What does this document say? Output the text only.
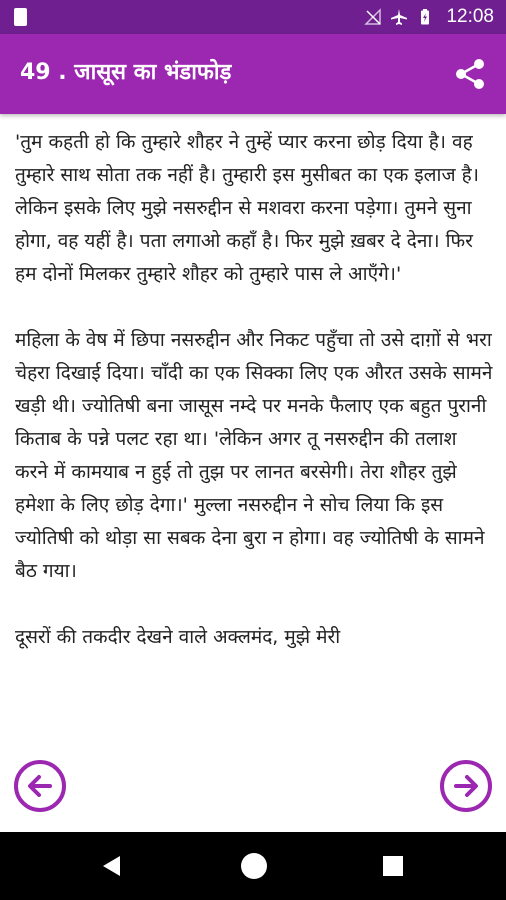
12:08
49 . जासूस का भंडाफोड़

'तुम कहती हो कि तुम्हारे शौहर ने तुम्हें प्यार करना छोड़ दिया है। वह तुम्हारे साथ सोता तक नहीं है। तुम्हारी इस मुसीबत का एक इलाज है। लेकिन इसके लिए मुझे नसरुद्दीन से मशवरा करना पड़ेगा। तुमने सुना होगा, वह यहीं है। पता लगाओ कहाँ है। फिर मुझे ख़बर दे देना। फिर हम दोनों मिलकर तुम्हारे शौहर को तुम्हारे पास ले आएँगे।'

महिला के वेष में छिपा नसरुद्दीन और निकट पहुँचा तो उसे दाग़ों से भरा चेहरा दिखाई दिया। चाँदी का एक सिक्का लिए एक औरत उसके सामने खड़ी थी। ज्योतिषी बना जासूस नम्दे पर मनके फैलाए एक बहुत पुरानी किताब के पन्ने पलट रहा था। 'लेकिन अगर तू नसरुद्दीन की तलाश करने में कामयाब न हुई तो तुझ पर लानत बरसेगी। तेरा शौहर तुझे हमेशा के लिए छोड़ देगा।' मुल्ला नसरुद्दीन ने सोच लिया कि इस ज्योतिषी को थोड़ा सा सबक देना बुरा न होगा। वह ज्योतिषी के सामने बैठ गया।

दूसरों की तकदीर देखने वाले अक्लमंद, मुझे मेरी
